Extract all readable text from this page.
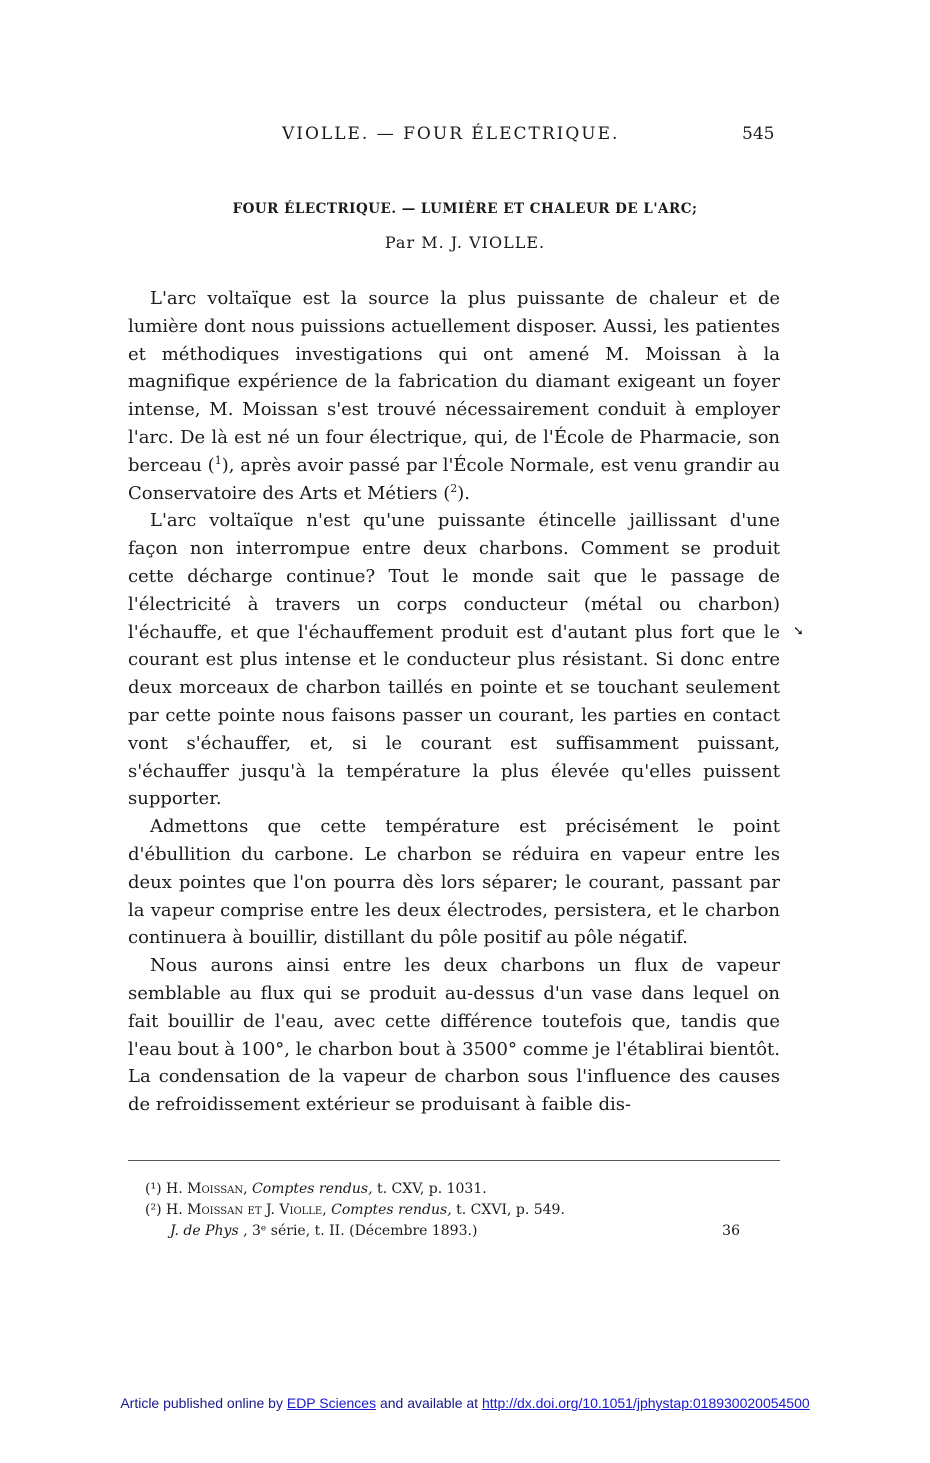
VIOLLE. — FOUR ÉLECTRIQUE.	545
FOUR ÉLECTRIQUE. — LUMIÈRE ET CHALEUR DE L'ARC;
Par M. J. VIOLLE.

L'arc voltaïque est la source la plus puissante de chaleur et de lumière dont nous puissions actuellement disposer. Aussi, les patientes et méthodiques investigations qui ont amené M. Moissan à la magnifique expérience de la fabrication du diamant exigeant un foyer intense, M. Moissan s'est trouvé nécessairement conduit à employer l'arc. De là est né un four électrique, qui, de l'École de Pharmacie, son berceau ($^1$), après avoir passé par l'École Normale, est venu grandir au Conservatoire des Arts et Métiers ($^2$).

L'arc voltaïque n'est qu'une puissante étincelle jaillissant d'une façon non interrompue entre deux charbons. Comment se produit cette décharge continue? Tout le monde sait que le passage de l'électricité à travers un corps conducteur (métal ou charbon) l'échauffe, et que l'échauffement produit est d'autant plus fort que le courant est plus intense et le conducteur plus résistant. Si donc entre deux morceaux de charbon taillés en pointe et se touchant seulement par cette pointe nous faisons passer un courant, les parties en contact vont s'échauffer, et, si le courant est suffisamment puissant, s'échauffer jusqu'à la température la plus élevée qu'elles puissent supporter.

Admettons que cette température est précisément le point d'ébullition du carbone. Le charbon se réduira en vapeur entre les deux pointes que l'on pourra dès lors séparer; le courant, passant par la vapeur comprise entre les deux électrodes, persistera, et le charbon continuera à bouillir, distillant du pôle positif au pôle négatif.

Nous aurons ainsi entre les deux charbons un flux de vapeur semblable au flux qui se produit au-dessus d'un vase dans lequel on fait bouillir de l'eau, avec cette différence toutefois que, tandis que l'eau bout à 100°, le charbon bout à 3500° comme je l'établirai bientôt. La condensation de la vapeur de charbon sous l'influence des causes de refroidissement extérieur se produisant à faible dis-

➘
(¹) H. Moissan, Comptes rendus, t. CXV, p. 1031.
(²) H. Moissan et J. Violle, Comptes rendus, t. CXVI, p. 549.
J. de Phys , 3ᵉ série, t. II. (Décembre 1893.)	36
Article published online by EDP Sciences and available at http://dx.doi.org/10.1051/jphystap:018930020054500
